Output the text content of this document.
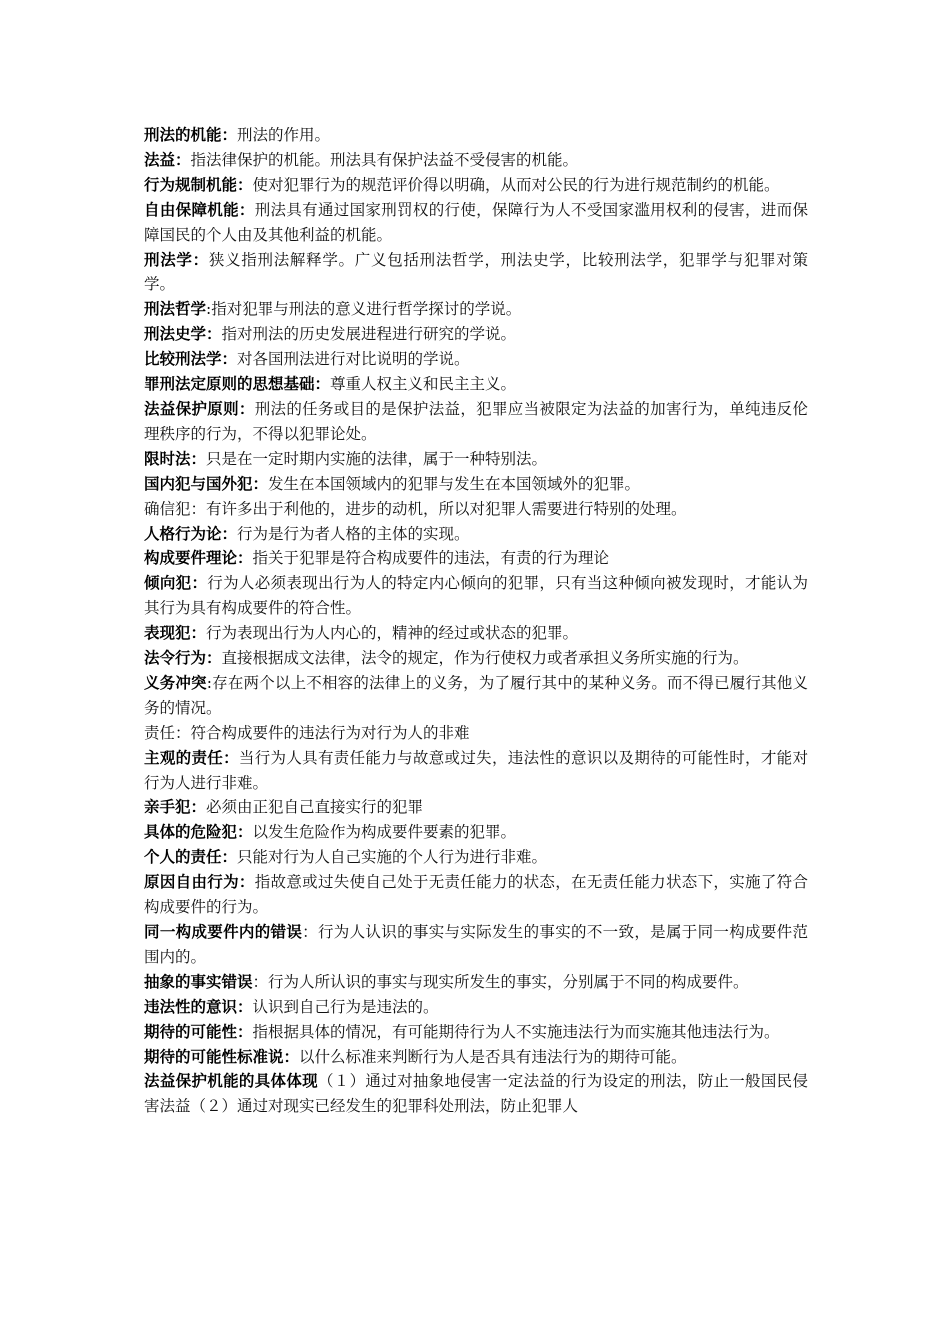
刑法的机能：刑法的作用。

法益：指法律保护的机能。刑法具有保护法益不受侵害的机能。

行为规制机能：使对犯罪行为的规范评价得以明确，从而对公民的行为进行规范制约的机能。

自由保障机能：刑法具有通过国家刑罚权的行使，保障行为人不受国家滥用权利的侵害，进而保障国民的个人由及其他利益的机能。

刑法学：狭义指刑法解释学。广义包括刑法哲学，刑法史学，比较刑法学，犯罪学与犯罪对策学。

刑法哲学:指对犯罪与刑法的意义进行哲学探讨的学说。

刑法史学：指对刑法的历史发展进程进行研究的学说。

比较刑法学：对各国刑法进行对比说明的学说。

罪刑法定原则的思想基础：尊重人权主义和民主主义。

法益保护原则：刑法的任务或目的是保护法益，犯罪应当被限定为法益的加害行为，单纯违反伦理秩序的行为，不得以犯罪论处。

限时法：只是在一定时期内实施的法律，属于一种特别法。

国内犯与国外犯：发生在本国领域内的犯罪与发生在本国领域外的犯罪。

确信犯：有许多出于利他的，进步的动机，所以对犯罪人需要进行特别的处理。

人格行为论：行为是行为者人格的主体的实现。

构成要件理论：指关于犯罪是符合构成要件的违法，有责的行为理论

倾向犯：行为人必须表现出行为人的特定内心倾向的犯罪，只有当这种倾向被发现时，才能认为其行为具有构成要件的符合性。

表现犯：行为表现出行为人内心的，精神的经过或状态的犯罪。

法令行为：直接根据成文法律，法令的规定，作为行使权力或者承担义务所实施的行为。

义务冲突:存在两个以上不相容的法律上的义务，为了履行其中的某种义务。而不得已履行其他义务的情况。

责任：符合构成要件的违法行为对行为人的非难

主观的责任：当行为人具有责任能力与故意或过失，违法性的意识以及期待的可能性时，才能对行为人进行非难。

亲手犯：必须由正犯自己直接实行的犯罪

具体的危险犯：以发生危险作为构成要件要素的犯罪。

个人的责任：只能对行为人自己实施的个人行为进行非难。

原因自由行为：指故意或过失使自己处于无责任能力的状态，在无责任能力状态下，实施了符合构成要件的行为。

同一构成要件内的错误：行为人认识的事实与实际发生的事实的不一致，是属于同一构成要件范围内的。

抽象的事实错误：行为人所认识的事实与现实所发生的事实，分别属于不同的构成要件。

违法性的意识：认识到自己行为是违法的。

期待的可能性：指根据具体的情况，有可能期待行为人不实施违法行为而实施其他违法行为。

期待的可能性标准说：以什么标准来判断行为人是否具有违法行为的期待可能。

法益保护机能的具体体现（１）通过对抽象地侵害一定法益的行为设定的刑法，防止一般国民侵害法益（２）通过对现实已经发生的犯罪科处刑法，防止犯罪人
